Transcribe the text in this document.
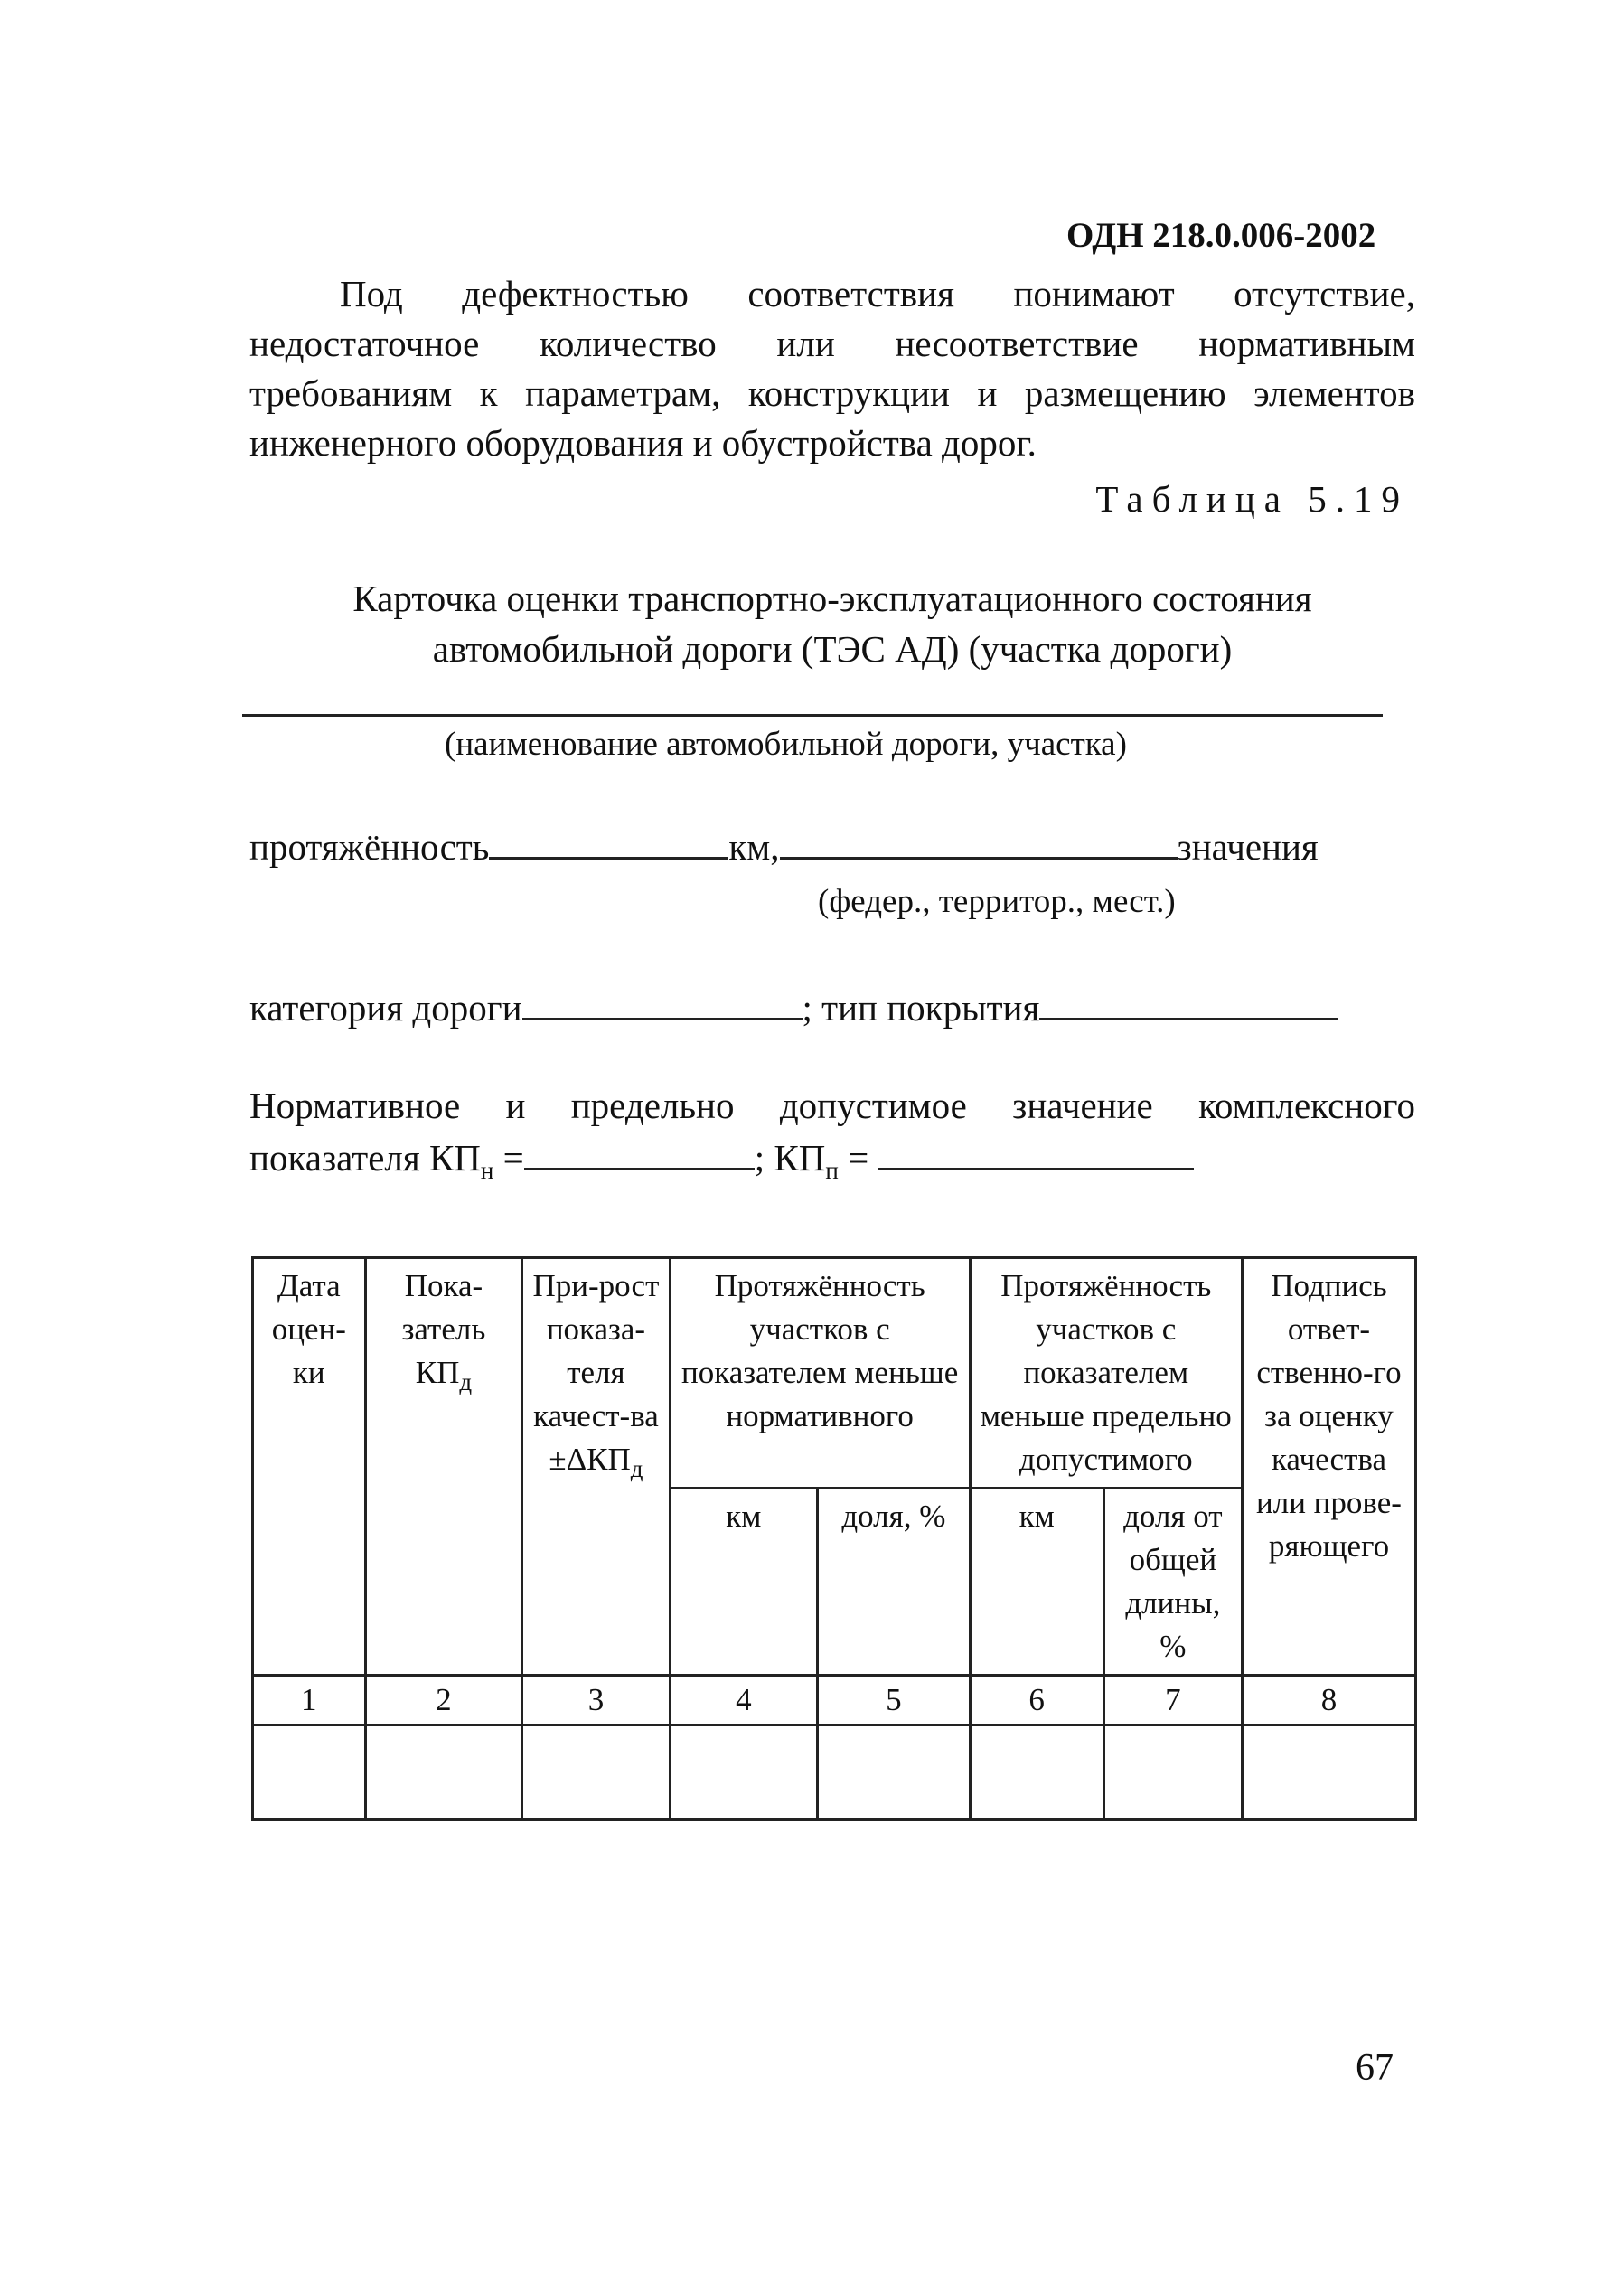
ОДН 218.0.006-2002
Под дефектностью соответствия понимают отсутствие, недостаточное количество или несоответствие нормативным требованиям к параметрам, конструкции и размещению элементов инженерного оборудования и обустройства дорог.
Таблица 5.19
Карточка оценки транспортно-эксплуатационного состояния
автомобильной дороги (ТЭС АД) (участка дороги)
(наименование автомобильной дороги, участка)
протяжённость	км,	значения
(федер., территор., мест.)
категория дороги	; тип покрытия
Нормативное и предельно допустимое значение комплексного
показателя $КП_н$ =	; $КП_п$ =
Дата оцен-ки	Пока-затель $КП_д$	При-рост показа-теля качест-ва $\pm\Delta КП_д$	Протяжённость участков с показателем меньше нормативного		Протяжённость участков с показателем меньше предельно допустимого		Подпись ответ-ственно-го за оценку качества или прове-ряющего
			км	доля, %	км	доля от общей длины, %	
1	2	3	4	5	6	7	8

67
